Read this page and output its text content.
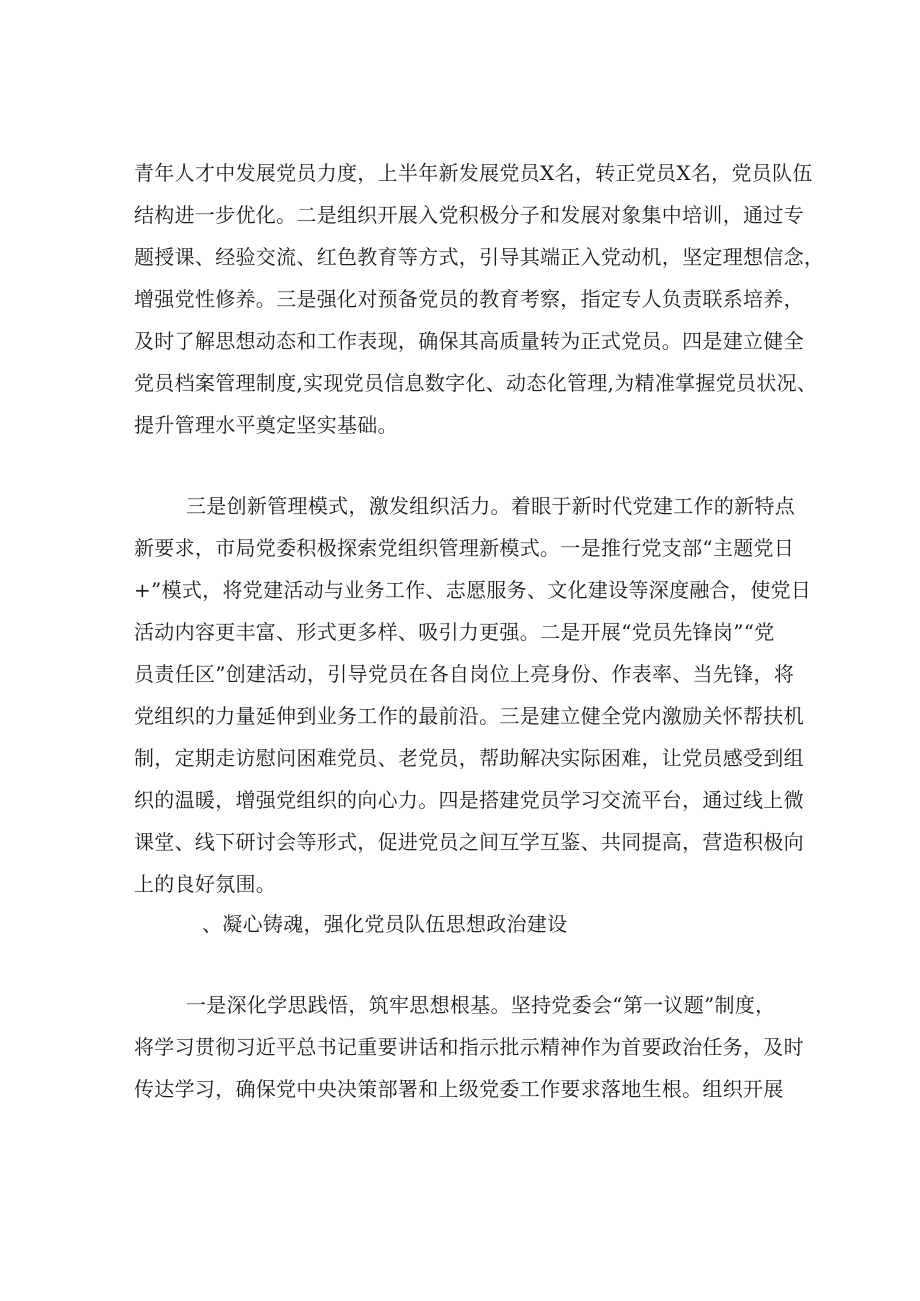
青年人才中发展党员力度，上半年新发展党员X名，转正党员X名，党员队伍
结构进一步优化。二是组织开展入党积极分子和发展对象集中培训，通过专
题授课、经验交流、红色教育等方式，引导其端正入党动机，坚定理想信念，
增强党性修养。三是强化对预备党员的教育考察，指定专人负责联系培养，
及时了解思想动态和工作表现，确保其高质量转为正式党员。四是建立健全
党员档案管理制度,实现党员信息数字化、动态化管理,为精准掌握党员状况、
提升管理水平奠定坚实基础。
三是创新管理模式，激发组织活力。着眼于新时代党建工作的新特点
新要求，市局党委积极探索党组织管理新模式。一是推行党支部“主题党日
+”模式，将党建活动与业务工作、志愿服务、文化建设等深度融合，使党日
活动内容更丰富、形式更多样、吸引力更强。二是开展“党员先锋岗”“党
员责任区”创建活动，引导党员在各自岗位上亮身份、作表率、当先锋，将
党组织的力量延伸到业务工作的最前沿。三是建立健全党内激励关怀帮扶机
制，定期走访慰问困难党员、老党员，帮助解决实际困难，让党员感受到组
织的温暖，增强党组织的向心力。四是搭建党员学习交流平台，通过线上微
课堂、线下研讨会等形式，促进党员之间互学互鉴、共同提高，营造积极向
上的良好氛围。
、凝心铸魂，强化党员队伍思想政治建设
一是深化学思践悟，筑牢思想根基。坚持党委会“第一议题”制度，
将学习贯彻习近平总书记重要讲话和指示批示精神作为首要政治任务，及时
传达学习，确保党中央决策部署和上级党委工作要求落地生根。组织开展
